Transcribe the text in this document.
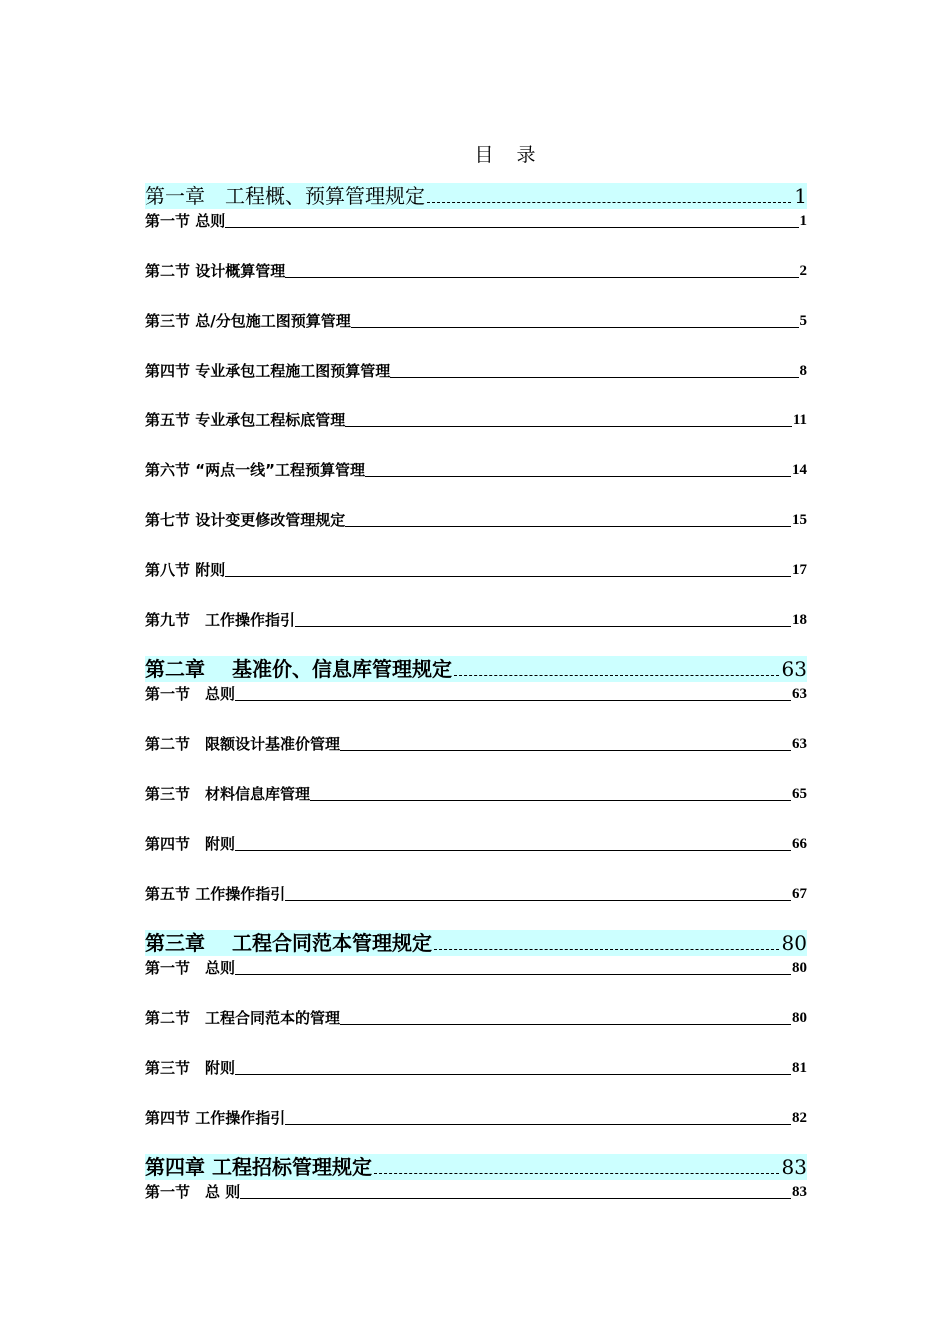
目　录
第一章　工程概、预算管理规定	1
第一节 总则	1
第二节 设计概算管理	2
第三节 总/分包施工图预算管理	5
第四节 专业承包工程施工图预算管理	8
第五节 专业承包工程标底管理	11
第六节 “两点一线”工程预算管理	14
第七节 设计变更修改管理规定	15
第八节 附则	17
第九节　工作操作指引	18
第二章　 基准价、信息库管理规定	63
第一节　总则	63
第二节　限额设计基准价管理	63
第三节　材料信息库管理	65
第四节　附则	66
第五节 工作操作指引	67
第三章　 工程合同范本管理规定	80
第一节　总则	80
第二节　工程合同范本的管理	80
第三节　附则	81
第四节 工作操作指引	82
第四章 工程招标管理规定	83
第一节　总 则	83
